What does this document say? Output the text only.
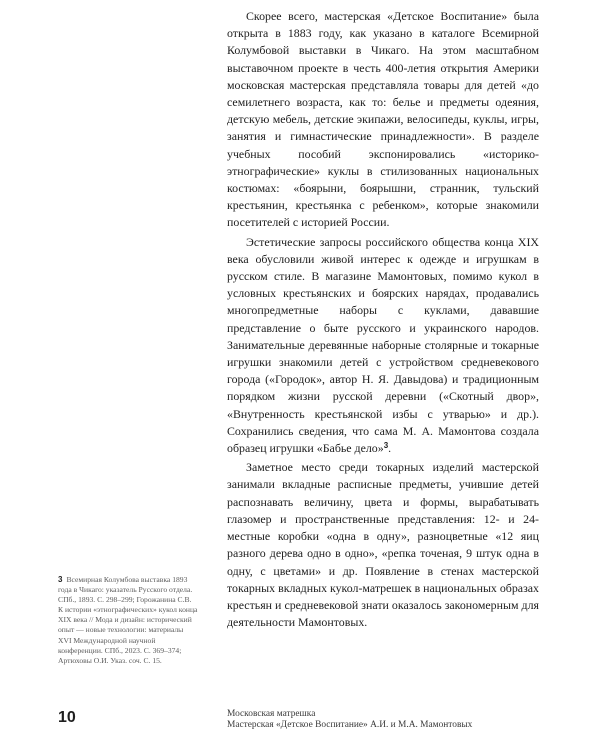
Скорее всего, мастерская «Детское Воспитание» была открыта в 1883 году, как указано в каталоге Всемирной Колумбовой выставки в Чикаго. На этом масштабном выставочном проекте в честь 400-летия открытия Америки московская мастерская представляла товары для детей «до семилетнего возраста, как то: белье и предметы одеяния, детскую мебель, детские экипажи, велосипеды, куклы, игры, занятия и гимнастические принадлежности». В разделе учебных пособий экспонировались «историко-этнографические» куклы в стилизованных национальных костюмах: «боярыни, боярышни, странник, тульский крестьянин, крестьянка с ребенком», которые знакомили посетителей с историей России.

Эстетические запросы российского общества конца XIX века обусловили живой интерес к одежде и игрушкам в русском стиле. В магазине Мамонтовых, помимо кукол в условных крестьянских и боярских нарядах, продавались многопредметные наборы с куклами, дававшие представление о быте русского и украинского народов. Занимательные деревянные наборные столярные и токарные игрушки знакомили детей с устройством средневекового города («Городок», автор Н. Я. Давыдова) и традиционным порядком жизни русской деревни («Скотный двор», «Внутренность крестьянской избы с утварью» и др.). Сохранились сведения, что сама М. А. Мамонтова создала образец игрушки «Бабье дело»$^3$.

Заметное место среди токарных изделий мастерской занимали вкладные расписные предметы, учившие детей распознавать величину, цвета и формы, вырабатывать глазомер и пространственные представления: 12- и 24-местные коробки «одна в одну», разноцветные «12 яиц разного дерева одно в одно», «репка точеная, 9 штук одна в одну, с цветами» и др. Появление в стенах мастерской токарных вкладных кукол-матрешек в национальных образах крестьян и средневековой знати оказалось закономерным для деятельности Мамонтовых.

3 Всемирная Колумбова выставка 1893 года в Чикаго: указатель Русского отдела. СПб., 1893. С. 298–299; Горожанина С.В. К истории «этнографических» кукол конца XIX века // Мода и дизайн: исторический опыт — новые технологии: материалы XVI Международной научной конференции. СПб., 2023. С. 369–374; Артюховы О.И. Указ. соч. С. 15.
10	Московская матрешка
Мастерская «Детское Воспитание» А.И. и М.А. Мамонтовых
